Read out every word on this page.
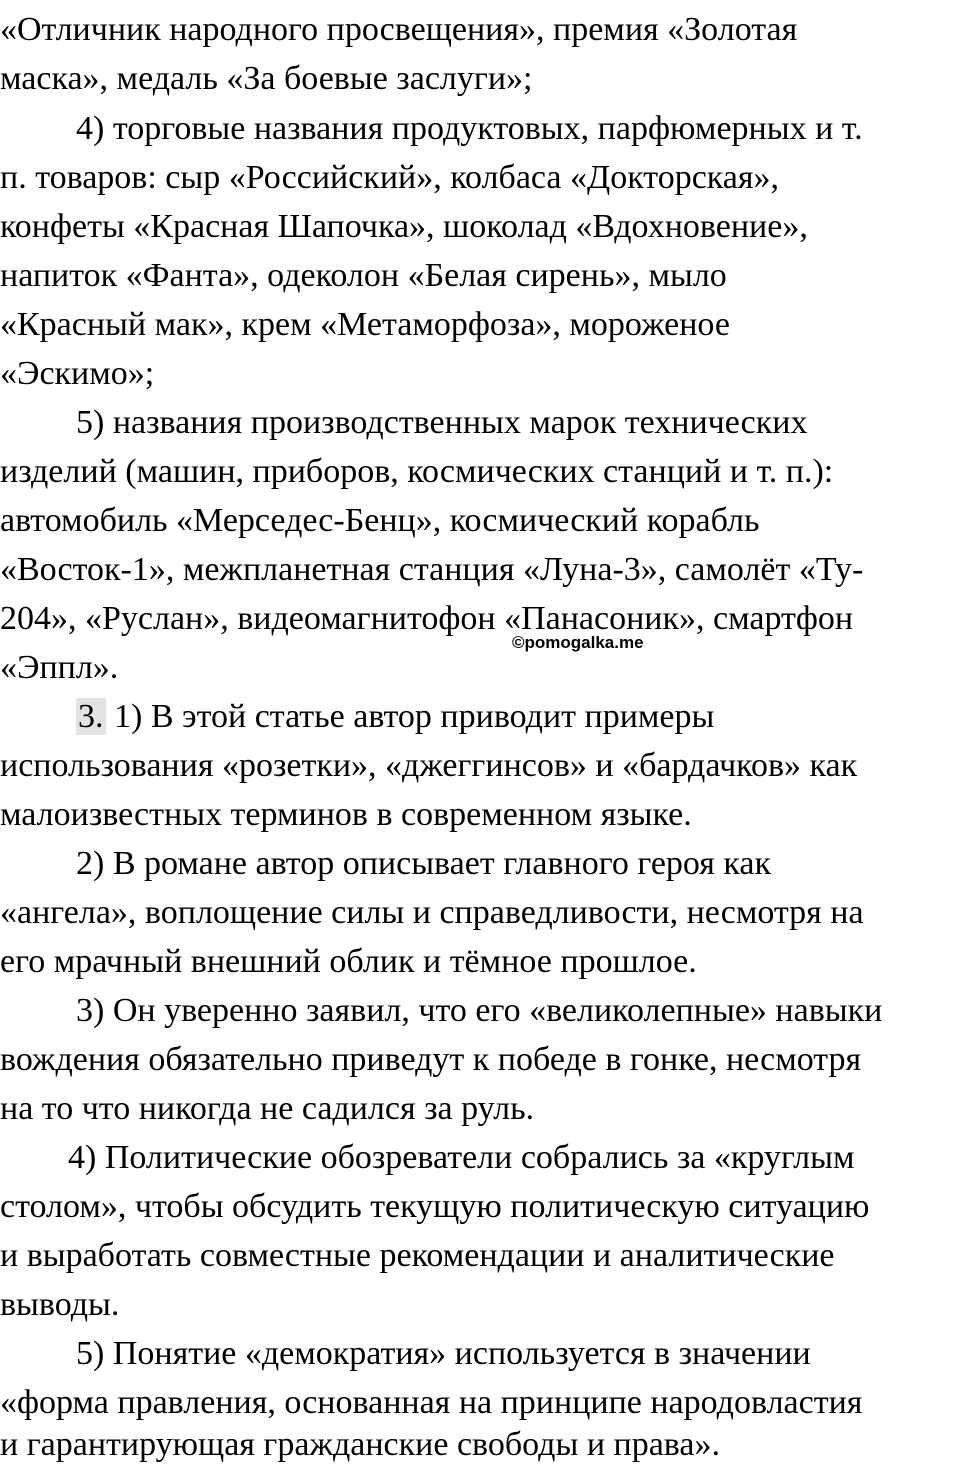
«Отличник народного просвещения», премия «Золотая
маска», медаль «За боевые заслуги»;
4) торговые названия продуктовых, парфюмерных и т.
п. товаров: сыр «Российский», колбаса «Докторская»,
конфеты «Красная Шапочка», шоколад «Вдохновение»,
напиток «Фанта», одеколон «Белая сирень», мыло
«Красный мак», крем «Метаморфоза», мороженое
«Эскимо»;
5) названия производственных марок технических
изделий (машин, приборов, космических станций и т. п.):
автомобиль «Мерседес-Бенц», космический корабль
«Восток-1», межпланетная станция «Луна-3», самолёт «Ту-
204», «Руслан», видеомагнитофон «Панасоник», смартфон
©pomogalka.me
«Эппл».
3. 1) В этой статье автор приводит примеры
использования «розетки», «джеггинсов» и «бардачков» как
малоизвестных терминов в современном языке.
2) В романе автор описывает главного героя как
«ангела», воплощение силы и справедливости, несмотря на
его мрачный внешний облик и тёмное прошлое.
3) Он уверенно заявил, что его «великолепные» навыки
вождения обязательно приведут к победе в гонке, несмотря
на то что никогда не садился за руль.
4) Политические обозреватели собрались за «круглым
столом», чтобы обсудить текущую политическую ситуацию
и выработать совместные рекомендации и аналитические
выводы.
5) Понятие «демократия» используется в значении
«форма правления, основанная на принципе народовластия
и гарантирующая гражданские свободы и права».
